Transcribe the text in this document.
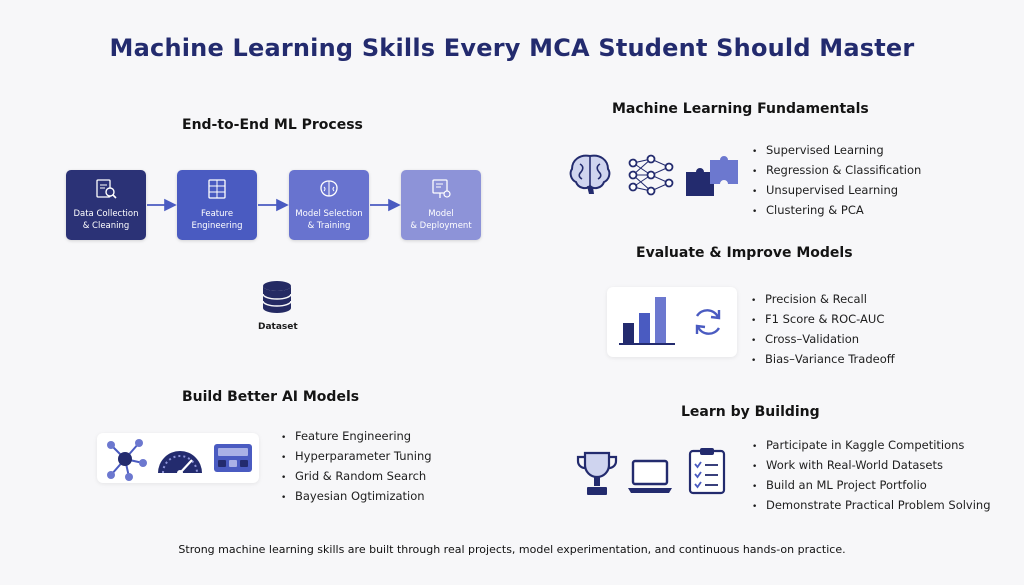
Machine Learning Skills Every MCA Student Should Master
End-to-End ML Process
Data Collection
& Cleaning
Feature
Engineering
Model Selection
& Training
Model
& Deployment
Dataset
Machine Learning Fundamentals
• Supervised Learning
• Regression & Classification
• Unsupervised Learning
• Clustering & PCA
Evaluate & Improve Models
• Precision & Recall
• F1 Score & ROC-AUC
• Cross–Validation
• Bias–Variance Tradeoff
Build Better AI Models
• Feature Engineering
• Hyperparameter Tuning
• Grid & Random Search
• Bayesian Ogtimization
Learn by Building
• Participate in Kaggle Competitions
• Work with Real-World Datasets
• Build an ML Project Portfolio
• Demonstrate Practical Problem Solving
Strong machine learning skills are built through real projects, model experimentation, and continuous hands-on practice.
